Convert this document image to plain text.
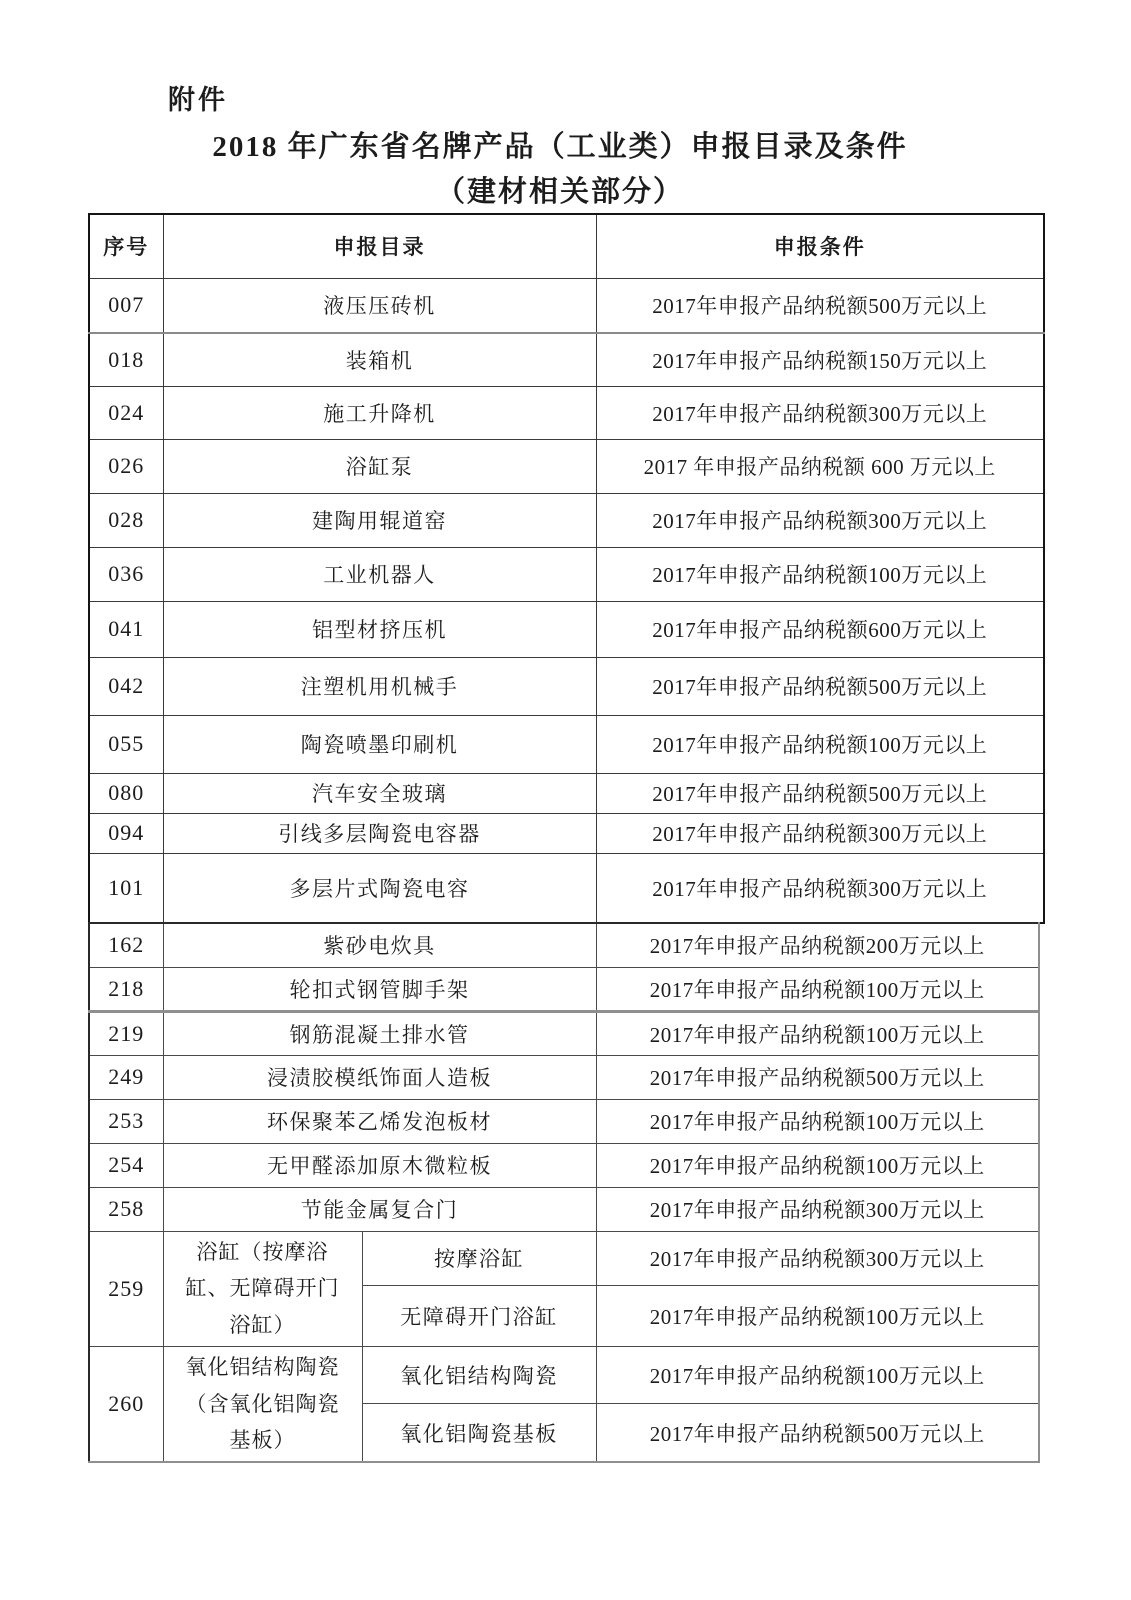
附件
2018 年广东省名牌产品（工业类）申报目录及条件
（建材相关部分）
序号	申报目录	申报条件
007	液压压砖机	2017年申报产品纳税额500万元以上
018	装箱机	2017年申报产品纳税额150万元以上
024	施工升降机	2017年申报产品纳税额300万元以上
026	浴缸泵	2017 年申报产品纳税额 600 万元以上
028	建陶用辊道窑	2017年申报产品纳税额300万元以上
036	工业机器人	2017年申报产品纳税额100万元以上
041	铝型材挤压机	2017年申报产品纳税额600万元以上
042	注塑机用机械手	2017年申报产品纳税额500万元以上
055	陶瓷喷墨印刷机	2017年申报产品纳税额100万元以上
080	汽车安全玻璃	2017年申报产品纳税额500万元以上
094	引线多层陶瓷电容器	2017年申报产品纳税额300万元以上
101	多层片式陶瓷电容	2017年申报产品纳税额300万元以上
162	紫砂电炊具		2017年申报产品纳税额200万元以上
218	轮扣式钢管脚手架		2017年申报产品纳税额100万元以上
219	钢筋混凝土排水管		2017年申报产品纳税额100万元以上
249	浸渍胶模纸饰面人造板		2017年申报产品纳税额500万元以上
253	环保聚苯乙烯发泡板材		2017年申报产品纳税额100万元以上
254	无甲醛添加原木微粒板		2017年申报产品纳税额100万元以上
258	节能金属复合门		2017年申报产品纳税额300万元以上
259	浴缸（按摩浴缸、无障碍开门浴缸）	按摩浴缸	2017年申报产品纳税额300万元以上
		无障碍开门浴缸	2017年申报产品纳税额100万元以上
260	氧化铝结构陶瓷（含氧化铝陶瓷基板）	氧化铝结构陶瓷	2017年申报产品纳税额100万元以上
		氧化铝陶瓷基板	2017年申报产品纳税额500万元以上
